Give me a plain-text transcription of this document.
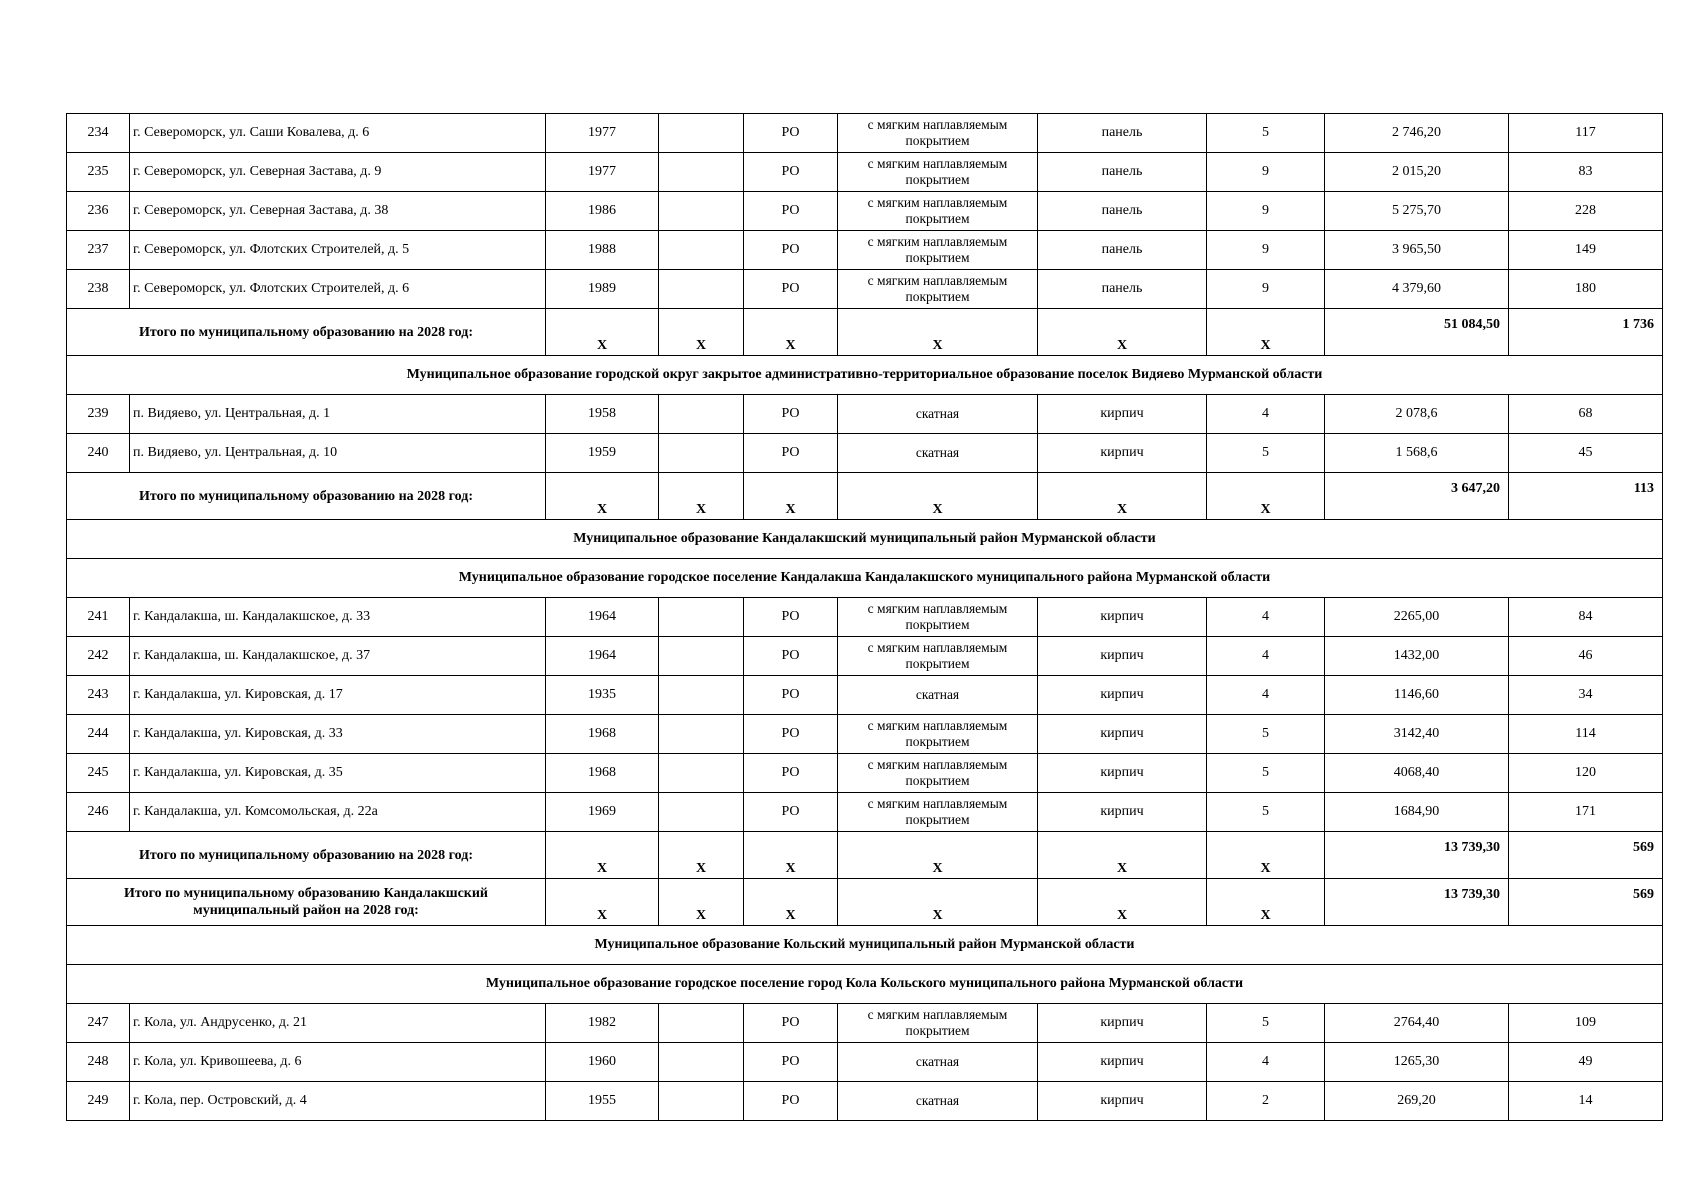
234	г. Североморск, ул. Саши Ковалева, д. 6	1977		РО	с мягким наплавляемым
покрытием	панель	5	2 746,20	117
235	г. Североморск, ул. Северная Застава, д. 9	1977		РО	с мягким наплавляемым
покрытием	панель	9	2 015,20	83
236	г. Североморск, ул. Северная Застава, д. 38	1986		РО	с мягким наплавляемым
покрытием	панель	9	5 275,70	228
237	г. Североморск, ул. Флотских Строителей, д. 5	1988		РО	с мягким наплавляемым
покрытием	панель	9	3 965,50	149
238	г. Североморск, ул. Флотских Строителей, д. 6	1989		РО	с мягким наплавляемым
покрытием	панель	9	4 379,60	180
Итого по муниципальному образованию на 2028 год:		Х	Х	Х	Х	Х	Х	51 084,50	1 736
Муниципальное образование городской округ закрытое административно-территориальное образование поселок Видяево Мурманской области									
239	п. Видяево, ул. Центральная, д. 1	1958		РО	скатная	кирпич	4	2 078,6	68
240	п. Видяево, ул. Центральная, д. 10	1959		РО	скатная	кирпич	5	1 568,6	45
Итого по муниципальному образованию на 2028 год:		Х	Х	Х	Х	Х	Х	3 647,20	113
Муниципальное образование Кандалакшский муниципальный район Мурманской области									
Муниципальное образование городское поселение Кандалакша Кандалакшского муниципального района Мурманской области									
241	г. Кандалакша, ш. Кандалакшское, д. 33	1964		РО	с мягким наплавляемым
покрытием	кирпич	4	2265,00	84
242	г. Кандалакша, ш. Кандалакшское, д. 37	1964		РО	с мягким наплавляемым
покрытием	кирпич	4	1432,00	46
243	г. Кандалакша, ул. Кировская, д. 17	1935		РО	скатная	кирпич	4	1146,60	34
244	г. Кандалакша, ул. Кировская, д. 33	1968		РО	с мягким наплавляемым
покрытием	кирпич	5	3142,40	114
245	г. Кандалакша, ул. Кировская, д. 35	1968		РО	с мягким наплавляемым
покрытием	кирпич	5	4068,40	120
246	г. Кандалакша, ул. Комсомольская, д. 22а	1969		РО	с мягким наплавляемым
покрытием	кирпич	5	1684,90	171
Итого по муниципальному образованию на 2028 год:		Х	Х	Х	Х	Х	Х	13 739,30	569
Итого по муниципальному образованию Кандалакшский муниципальный район на 2028 год:		Х	Х	Х	Х	Х	Х	13 739,30	569
Муниципальное образование Кольский муниципальный район Мурманской области									
Муниципальное образование городское поселение город Кола Кольского муниципального района Мурманской области									
247	г. Кола, ул. Андрусенко, д. 21	1982		РО	с мягким наплавляемым
покрытием	кирпич	5	2764,40	109
248	г. Кола, ул. Кривошеева, д. 6	1960		РО	скатная	кирпич	4	1265,30	49
249	г. Кола, пер. Островский, д. 4	1955		РО	скатная	кирпич	2	269,20	14
